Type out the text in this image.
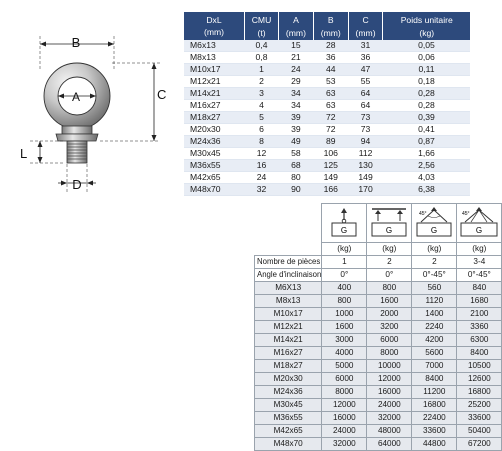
B
A	C
L
D
DxL	CMU	A	B	C	Poids unitaire
(mm)	(t)	(mm)	(mm)	(mm)	(kg)
M6x13	0,4	15	28	31	0,05
M8x13	0,8	21	36	36	0,06
M10x17	1	24	44	47	0,11
M12x21	2	29	53	55	0,18
M14x21	3	34	63	64	0,28
M16x27	4	34	63	64	0,28
M18x27	5	39	72	73	0,39
M20x30	6	39	72	73	0,41
M24x36	8	49	89	94	0,87
M30x45	12	58	106	112	1,66
M36x55	16	68	125	130	2,56
M42x65	24	80	149	149	4,03
M48x70	32	90	166	170	6,38

G	G	45°
G	45°
G

	(kg)	(kg)	(kg)	(kg)
Nombre de pièces	1	2	2	3-4
Angle d'inclinaison	0°	0°	0°-45°	0°-45°
M6X13	400	800	560	840
M8x13	800	1600	1120	1680
M10x17	1000	2000	1400	2100
M12x21	1600	3200	2240	3360
M14x21	3000	6000	4200	6300
M16x27	4000	8000	5600	8400
M18x27	5000	10000	7000	10500
M20x30	6000	12000	8400	12600
M24x36	8000	16000	11200	16800
M30x45	12000	24000	16800	25200
M36x55	16000	32000	22400	33600
M42x65	24000	48000	33600	50400
M48x70	32000	64000	44800	67200
